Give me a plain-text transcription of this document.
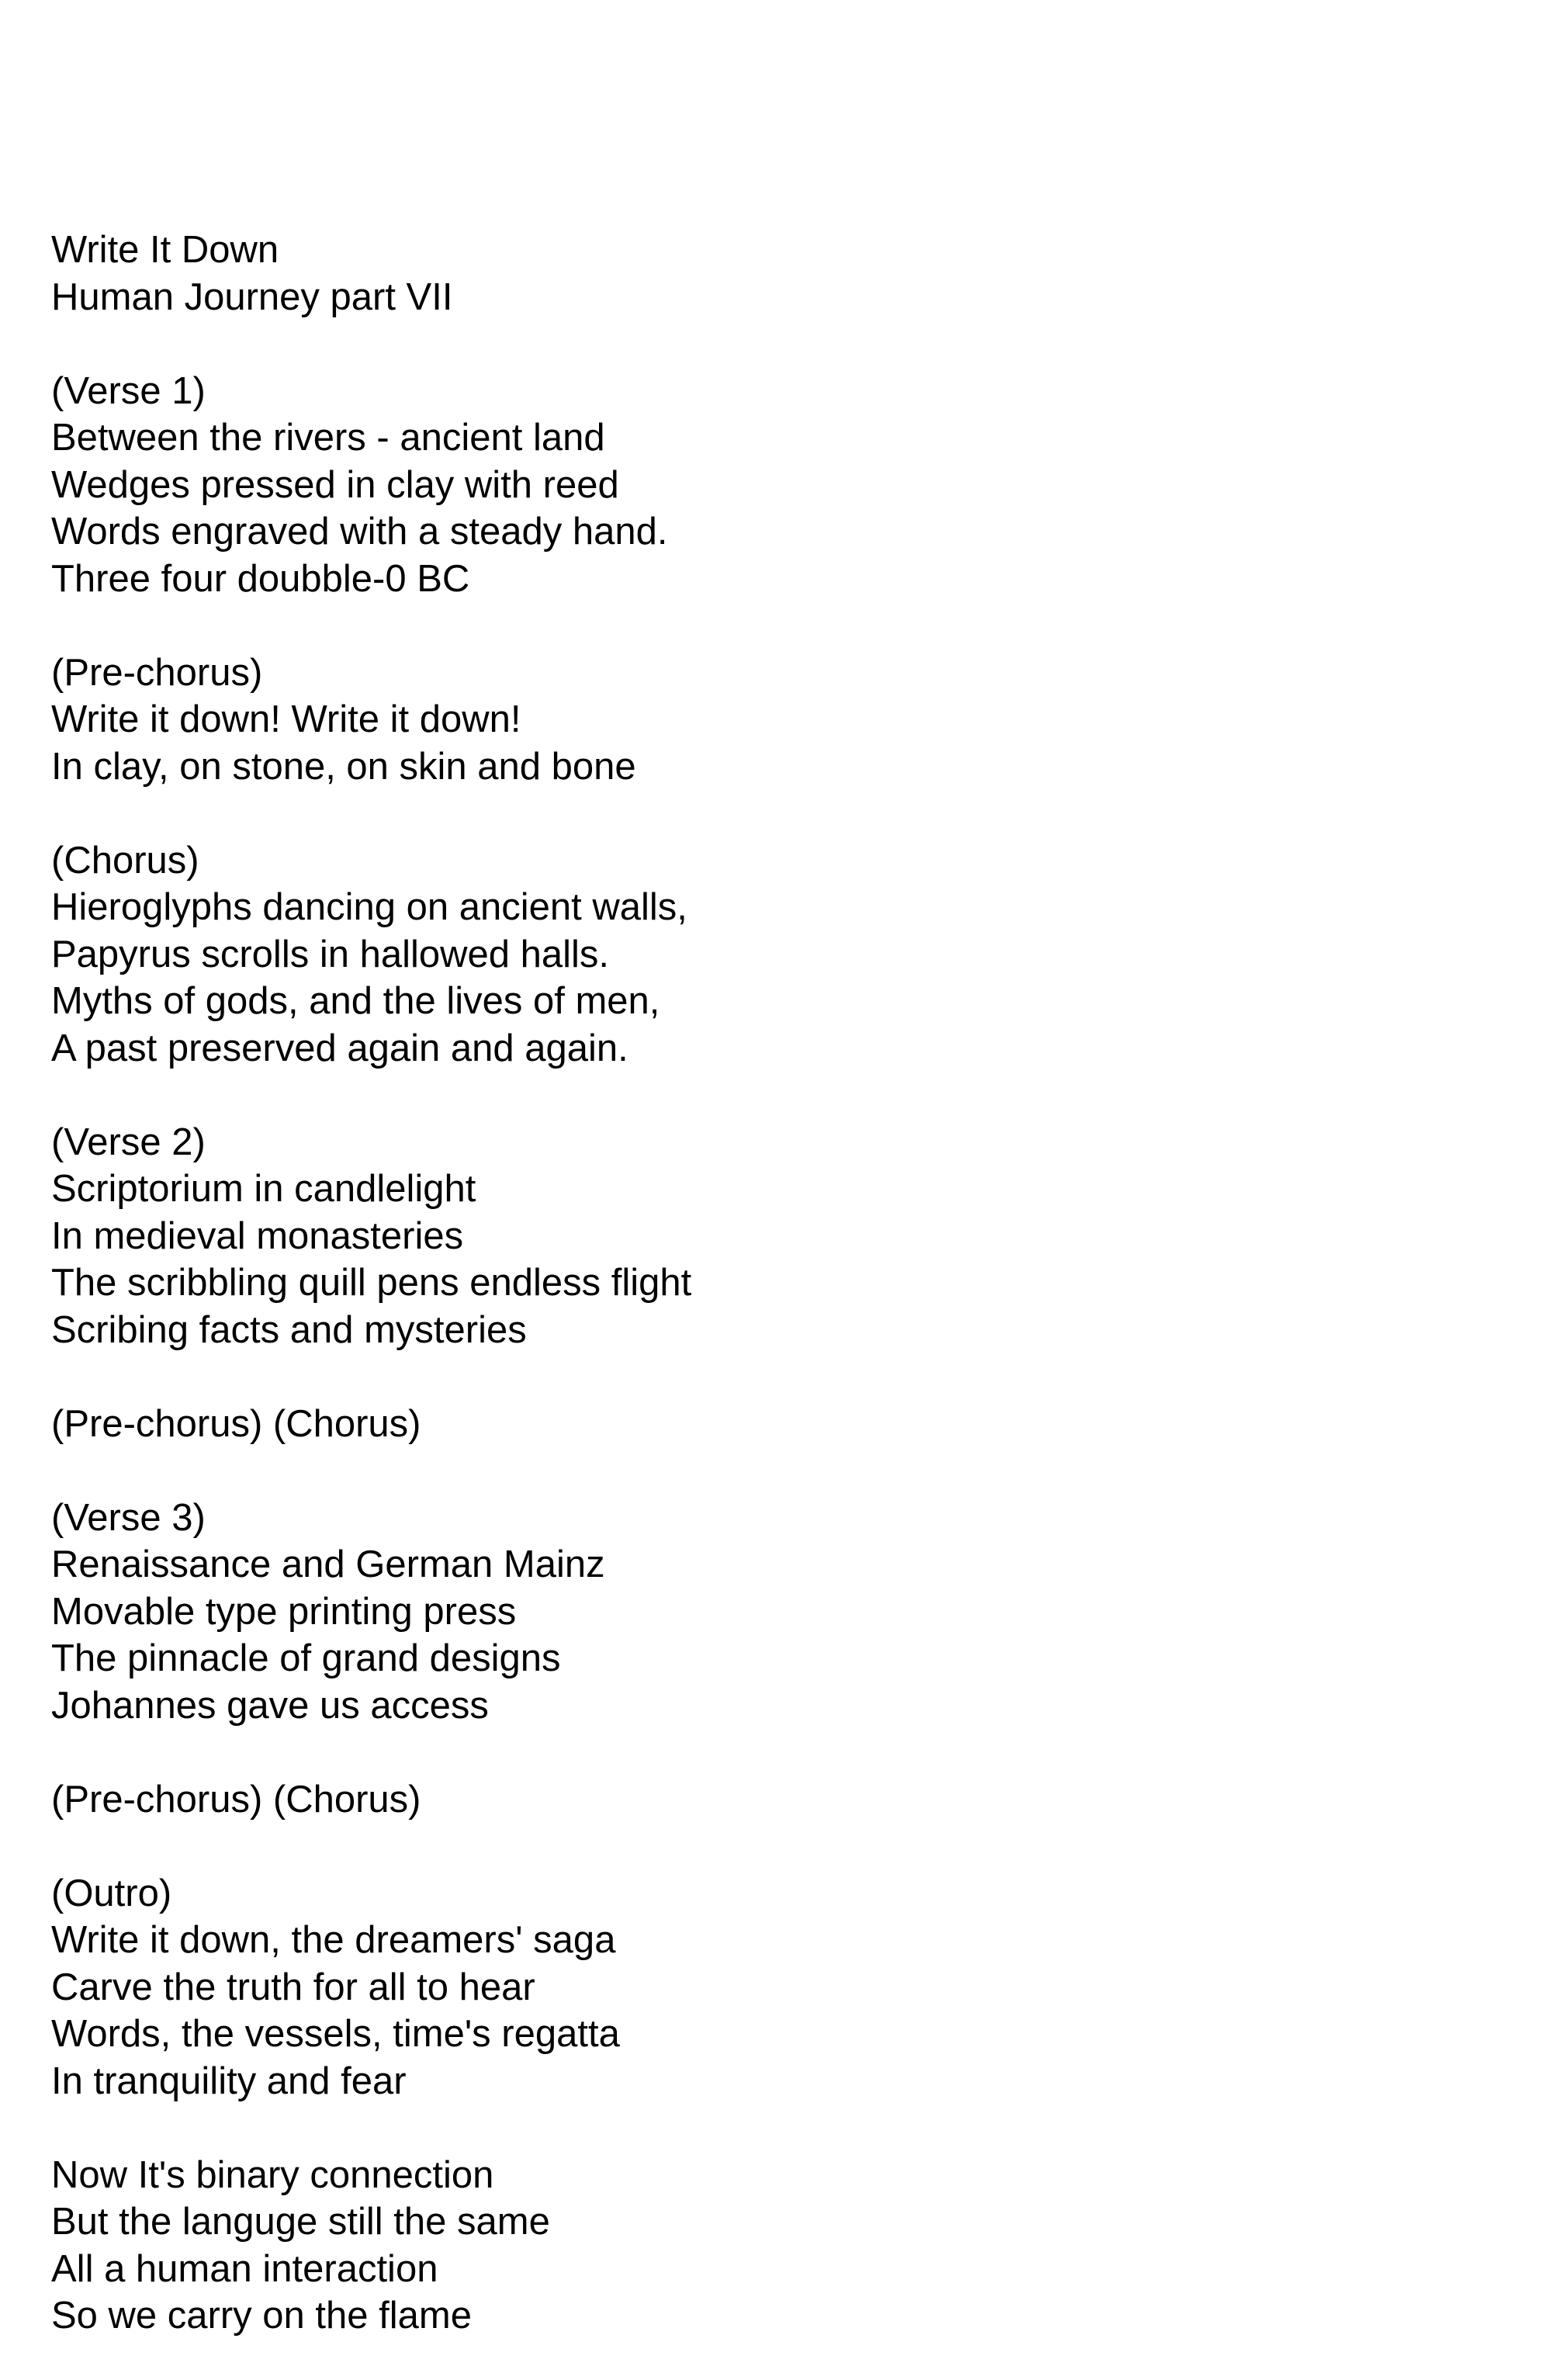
Write It Down
Human Journey part VII
(Verse 1)
Between the rivers - ancient land
Wedges pressed in clay with reed
Words engraved with a steady hand.
Three four doubble-0 BC
(Pre-chorus)
Write it down! Write it down!
In clay, on stone, on skin and bone
(Chorus)
Hieroglyphs dancing on ancient walls,
Papyrus scrolls in hallowed halls.
Myths of gods, and the lives of men,
A past preserved again and again.
(Verse 2)
Scriptorium in candlelight
In medieval monasteries
The scribbling quill pens endless flight
Scribing facts and mysteries
(Pre-chorus) (Chorus)
(Verse 3)
Renaissance and German Mainz
Movable type printing press
The pinnacle of grand designs
Johannes gave us access
(Pre-chorus) (Chorus)
(Outro)
Write it down, the dreamers' saga
Carve the truth for all to hear
Words, the vessels, time's regatta
In tranquility and fear
Now It's binary connection
But the languge still the same
All a human interaction
So we carry on the flame
